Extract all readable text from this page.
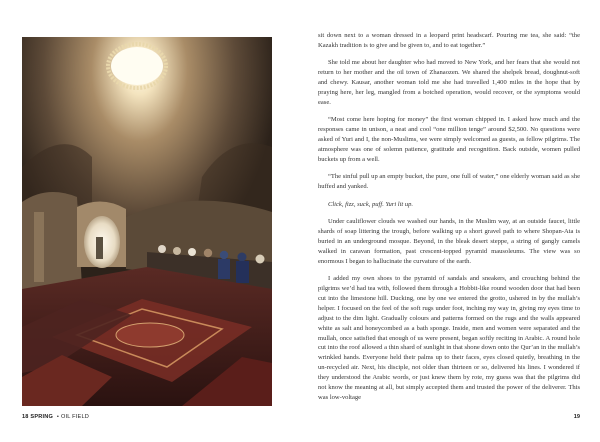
18 SPRING • OIL FIELD	19

sit down next to a woman dressed in a leopard print headscarf. Pouring me tea, she said: “the Kazakh tradition is to give and be given to, and to eat together.”

She told me about her daughter who had moved to New York, and her fears that she would not return to her mother and the oil town of Zhanaozen. We shared the shelpek bread, doughnut-soft and chewy. Kausar, another woman told me she had travelled 1,400 miles in the hope that by praying here, her leg, mangled from a botched operation, would recover, or the symptoms would ease.

“Most come here hoping for money” the first woman chipped in. I asked how much and the responses came in unison, a neat and cool “one million tenge” around $2,500. No questions were asked of Yuri and I, the non-Muslims, we were simply welcomed as guests, as fellow pilgrims. The atmosphere was one of solemn patience, gratitude and recognition. Back outside, women pulled buckets up from a well.

“The sinful pull up an empty bucket, the pure, one full of water,” one elderly woman said as she huffed and yanked.

Click, fizz, suck, puff. Yuri lit up.

Under cauliflower clouds we washed our hands, in the Muslim way, at an outside faucet, little shards of soap littering the trough, before walking up a short gravel path to where Shopan-Ata is buried in an underground mosque. Beyond, in the bleak desert steppe, a string of gangly camels walked in caravan formation, past crescent-topped pyramid mausoleums. The view was so enormous I began to hallucinate the curvature of the earth.

I added my own shoes to the pyramid of sandals and sneakers, and crouching behind the pilgrims we’d had tea with, followed them through a Hobbit-like round wooden door that had been cut into the limestone hill. Ducking, one by one we entered the grotto, ushered in by the mullah’s helper. I focused on the feel of the soft rugs under foot, inching my way in, giving my eyes time to adjust to the dim light. Gradually colours and patterns formed on the rugs and the walls appeared white as salt and honeycombed as a bath sponge. Inside, men and women were separated and the mullah, once satisfied that enough of us were present, began softly reciting in Arabic. A round hole cut into the roof allowed a thin shard of sunlight in that shone down onto the Qur’an in the mullah’s wrinkled hands. Everyone held their palms up to their faces, eyes closed quietly, breathing in the un-recycled air. Next, his disciple, not older than thirteen or so, delivered his lines. I wondered if they understood the Arabic words, or just knew them by rote, my guess was that the pilgrims did not know the meaning at all, but simply accepted them and trusted the power of the deliverer. This was low-voltage
